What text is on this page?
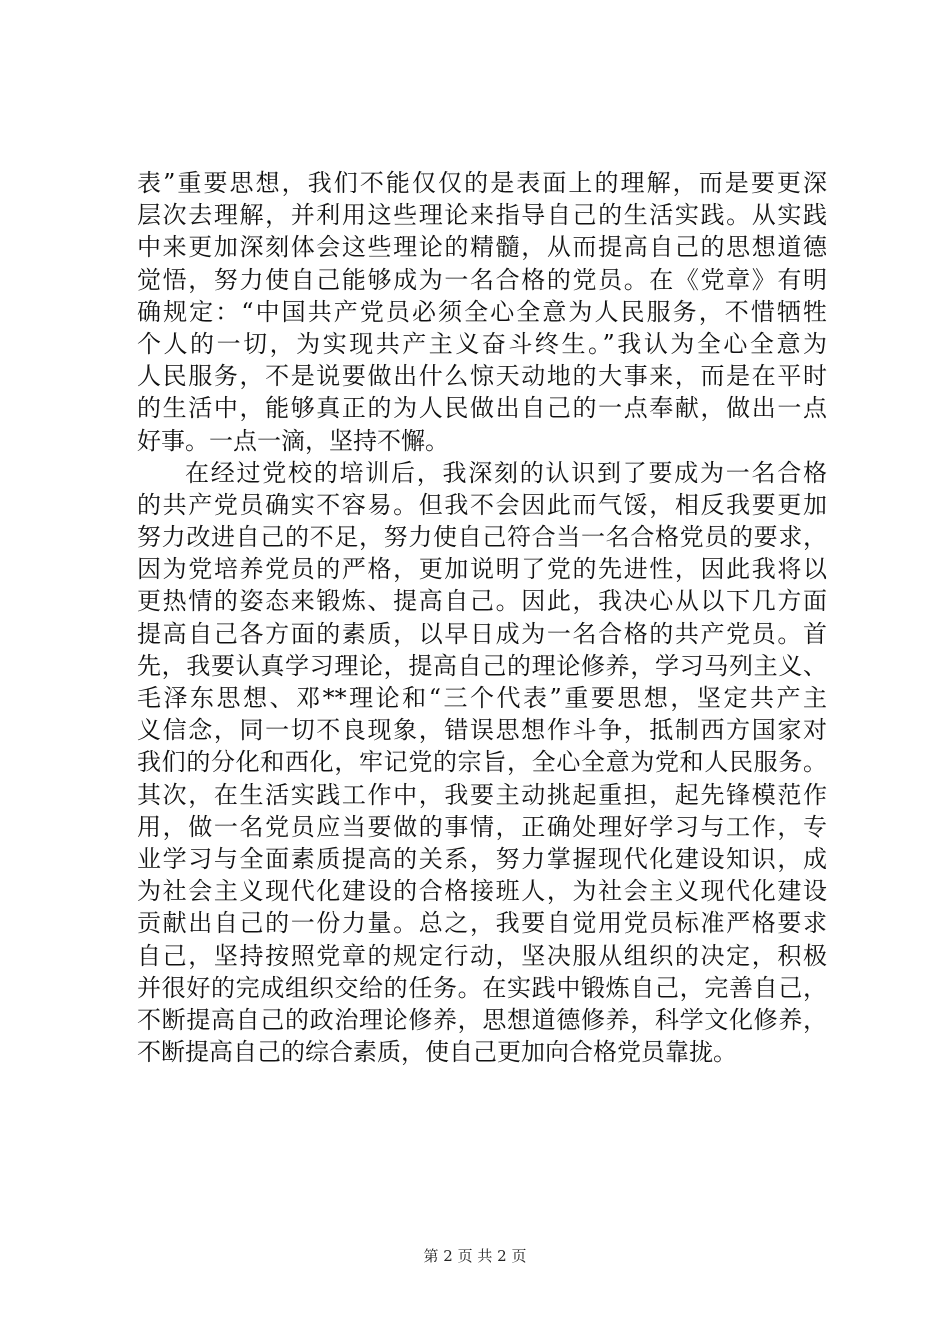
表”重要思想，我们不能仅仅的是表面上的理解，而是要更深
层次去理解，并利用这些理论来指导自己的生活实践。从实践
中来更加深刻体会这些理论的精髓，从而提高自己的思想道德
觉悟，努力使自己能够成为一名合格的党员。在《党章》有明
确规定：“中国共产党员必须全心全意为人民服务，不惜牺牲
个人的一切，为实现共产主义奋斗终生。”我认为全心全意为
人民服务，不是说要做出什么惊天动地的大事来，而是在平时
的生活中，能够真正的为人民做出自己的一点奉献，做出一点
好事。一点一滴，坚持不懈。
在经过党校的培训后，我深刻的认识到了要成为一名合格
的共产党员确实不容易。但我不会因此而气馁，相反我要更加
努力改进自己的不足，努力使自己符合当一名合格党员的要求，
因为党培养党员的严格，更加说明了党的先进性，因此我将以
更热情的姿态来锻炼、提高自己。因此，我决心从以下几方面
提高自己各方面的素质，以早日成为一名合格的共产党员。首
先，我要认真学习理论，提高自己的理论修养，学习马列主义、
毛泽东思想、邓**理论和“三个代表”重要思想，坚定共产主
义信念，同一切不良现象，错误思想作斗争，抵制西方国家对
我们的分化和西化，牢记党的宗旨，全心全意为党和人民服务。
其次，在生活实践工作中，我要主动挑起重担，起先锋模范作
用，做一名党员应当要做的事情，正确处理好学习与工作，专
业学习与全面素质提高的关系，努力掌握现代化建设知识，成
为社会主义现代化建设的合格接班人，为社会主义现代化建设
贡献出自己的一份力量。总之，我要自觉用党员标准严格要求
自己，坚持按照党章的规定行动，坚决服从组织的决定，积极
并很好的完成组织交给的任务。在实践中锻炼自己，完善自己，
不断提高自己的政治理论修养，思想道德修养，科学文化修养，
不断提高自己的综合素质，使自己更加向合格党员靠拢。
第 2 页 共 2 页
